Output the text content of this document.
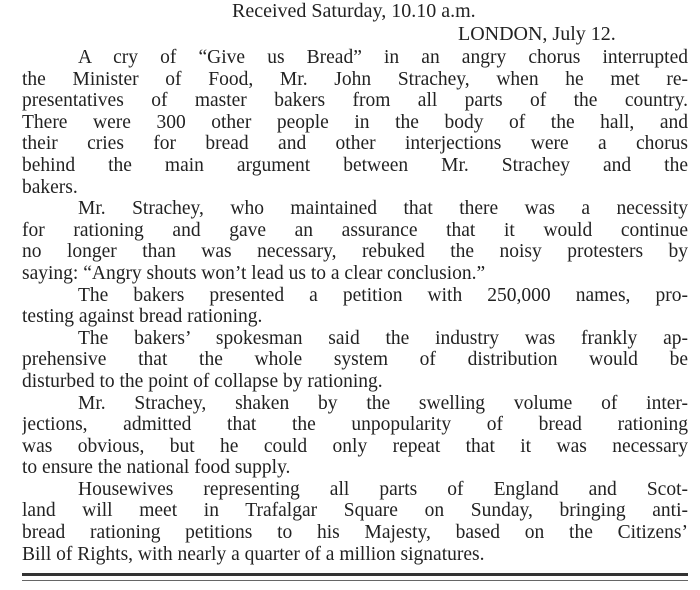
Received Saturday, 10.10 a.m.
LONDON, July 12.
A cry of “Give us Bread” in an angry chorus interrupted
the Minister of Food, Mr. John Strachey, when he met re-
presentatives of master bakers from all parts of the country.
There were 300 other people in the body of the hall, and
their cries for bread and other interjections were a chorus
behind the main argument between Mr. Strachey and the
bakers.
Mr. Strachey, who maintained that there was a necessity
for rationing and gave an assurance that it would continue
no longer than was necessary, rebuked the noisy protesters by
saying: “Angry shouts won’t lead us to a clear conclusion.”
The bakers presented a petition with 250,000 names, pro-
testing against bread rationing.
The bakers’ spokesman said the industry was frankly ap-
prehensive that the whole system of distribution would be
disturbed to the point of collapse by rationing.
Mr. Strachey, shaken by the swelling volume of inter-
jections, admitted that the unpopularity of bread rationing
was obvious, but he could only repeat that it was necessary
to ensure the national food supply.
Housewives representing all parts of England and Scot-
land will meet in Trafalgar Square on Sunday, bringing anti-
bread rationing petitions to his Majesty, based on the Citizens’
Bill of Rights, with nearly a quarter of a million signatures.
